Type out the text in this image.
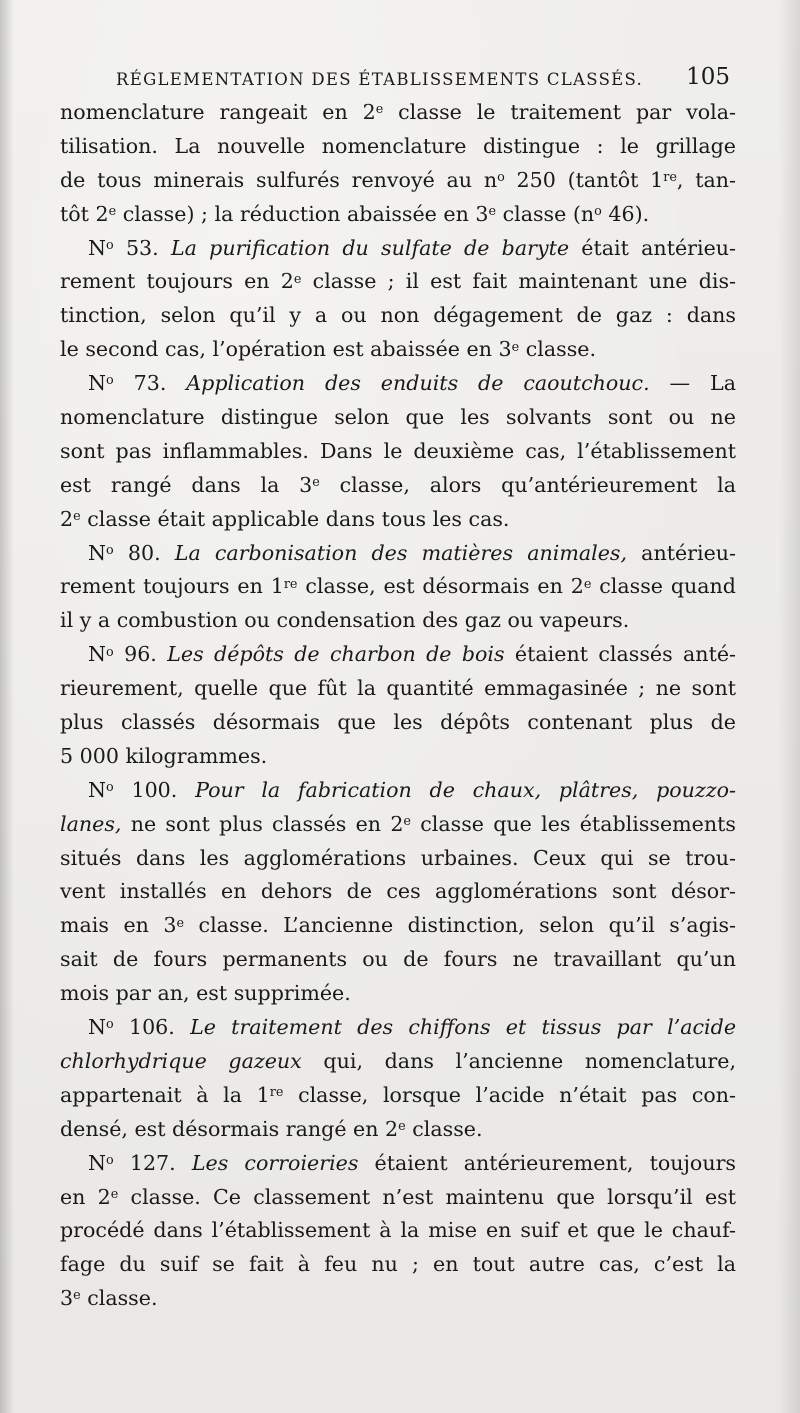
RÉGLEMENTATION DES ÉTABLISSEMENTS CLASSÉS. 105
nomenclature rangeait en 2e classe le traitement par vola-
tilisation. La nouvelle nomenclature distingue : le grillage
de tous minerais sulfurés renvoyé au $n^o$ 250 (tantôt 1re, tan-
tôt 2e classe) ; la réduction abaissée en 3e classe ($n^o$ 46).
$N^o$ 53. La purification du sulfate de baryte était antérieu-
rement toujours en 2e classe ; il est fait maintenant une dis-
tinction, selon qu’il y a ou non dégagement de gaz : dans
le second cas, l’opération est abaissée en 3e classe.
$N^o$ 73. Application des enduits de caoutchouc. — La
nomenclature distingue selon que les solvants sont ou ne
sont pas inflammables. Dans le deuxième cas, l’établissement
est rangé dans la 3e classe, alors qu’antérieurement la
2e classe était applicable dans tous les cas.
$N^o$ 80. La carbonisation des matières animales, antérieu-
rement toujours en 1re classe, est désormais en 2e classe quand
il y a combustion ou condensation des gaz ou vapeurs.
$N^o$ 96. Les dépôts de charbon de bois étaient classés anté-
rieurement, quelle que fût la quantité emmagasinée ; ne sont
plus classés désormais que les dépôts contenant plus de
5 000 kilogrammes.
$N^o$ 100. Pour la fabrication de chaux, plâtres, pouzzo-
lanes, ne sont plus classés en 2e classe que les établissements
situés dans les agglomérations urbaines. Ceux qui se trou-
vent installés en dehors de ces agglomérations sont désor-
mais en 3e classe. L’ancienne distinction, selon qu’il s’agis-
sait de fours permanents ou de fours ne travaillant qu’un
mois par an, est supprimée.
$N^o$ 106. Le traitement des chiffons et tissus par l’acide
chlorhydrique gazeux qui, dans l’ancienne nomenclature,
appartenait à la 1re classe, lorsque l’acide n’était pas con-
densé, est désormais rangé en 2e classe.
$N^o$ 127. Les corroieries étaient antérieurement, toujours
en 2e classe. Ce classement n’est maintenu que lorsqu’il est
procédé dans l’établissement à la mise en suif et que le chauf-
fage du suif se fait à feu nu ; en tout autre cas, c’est la
3e classe.
